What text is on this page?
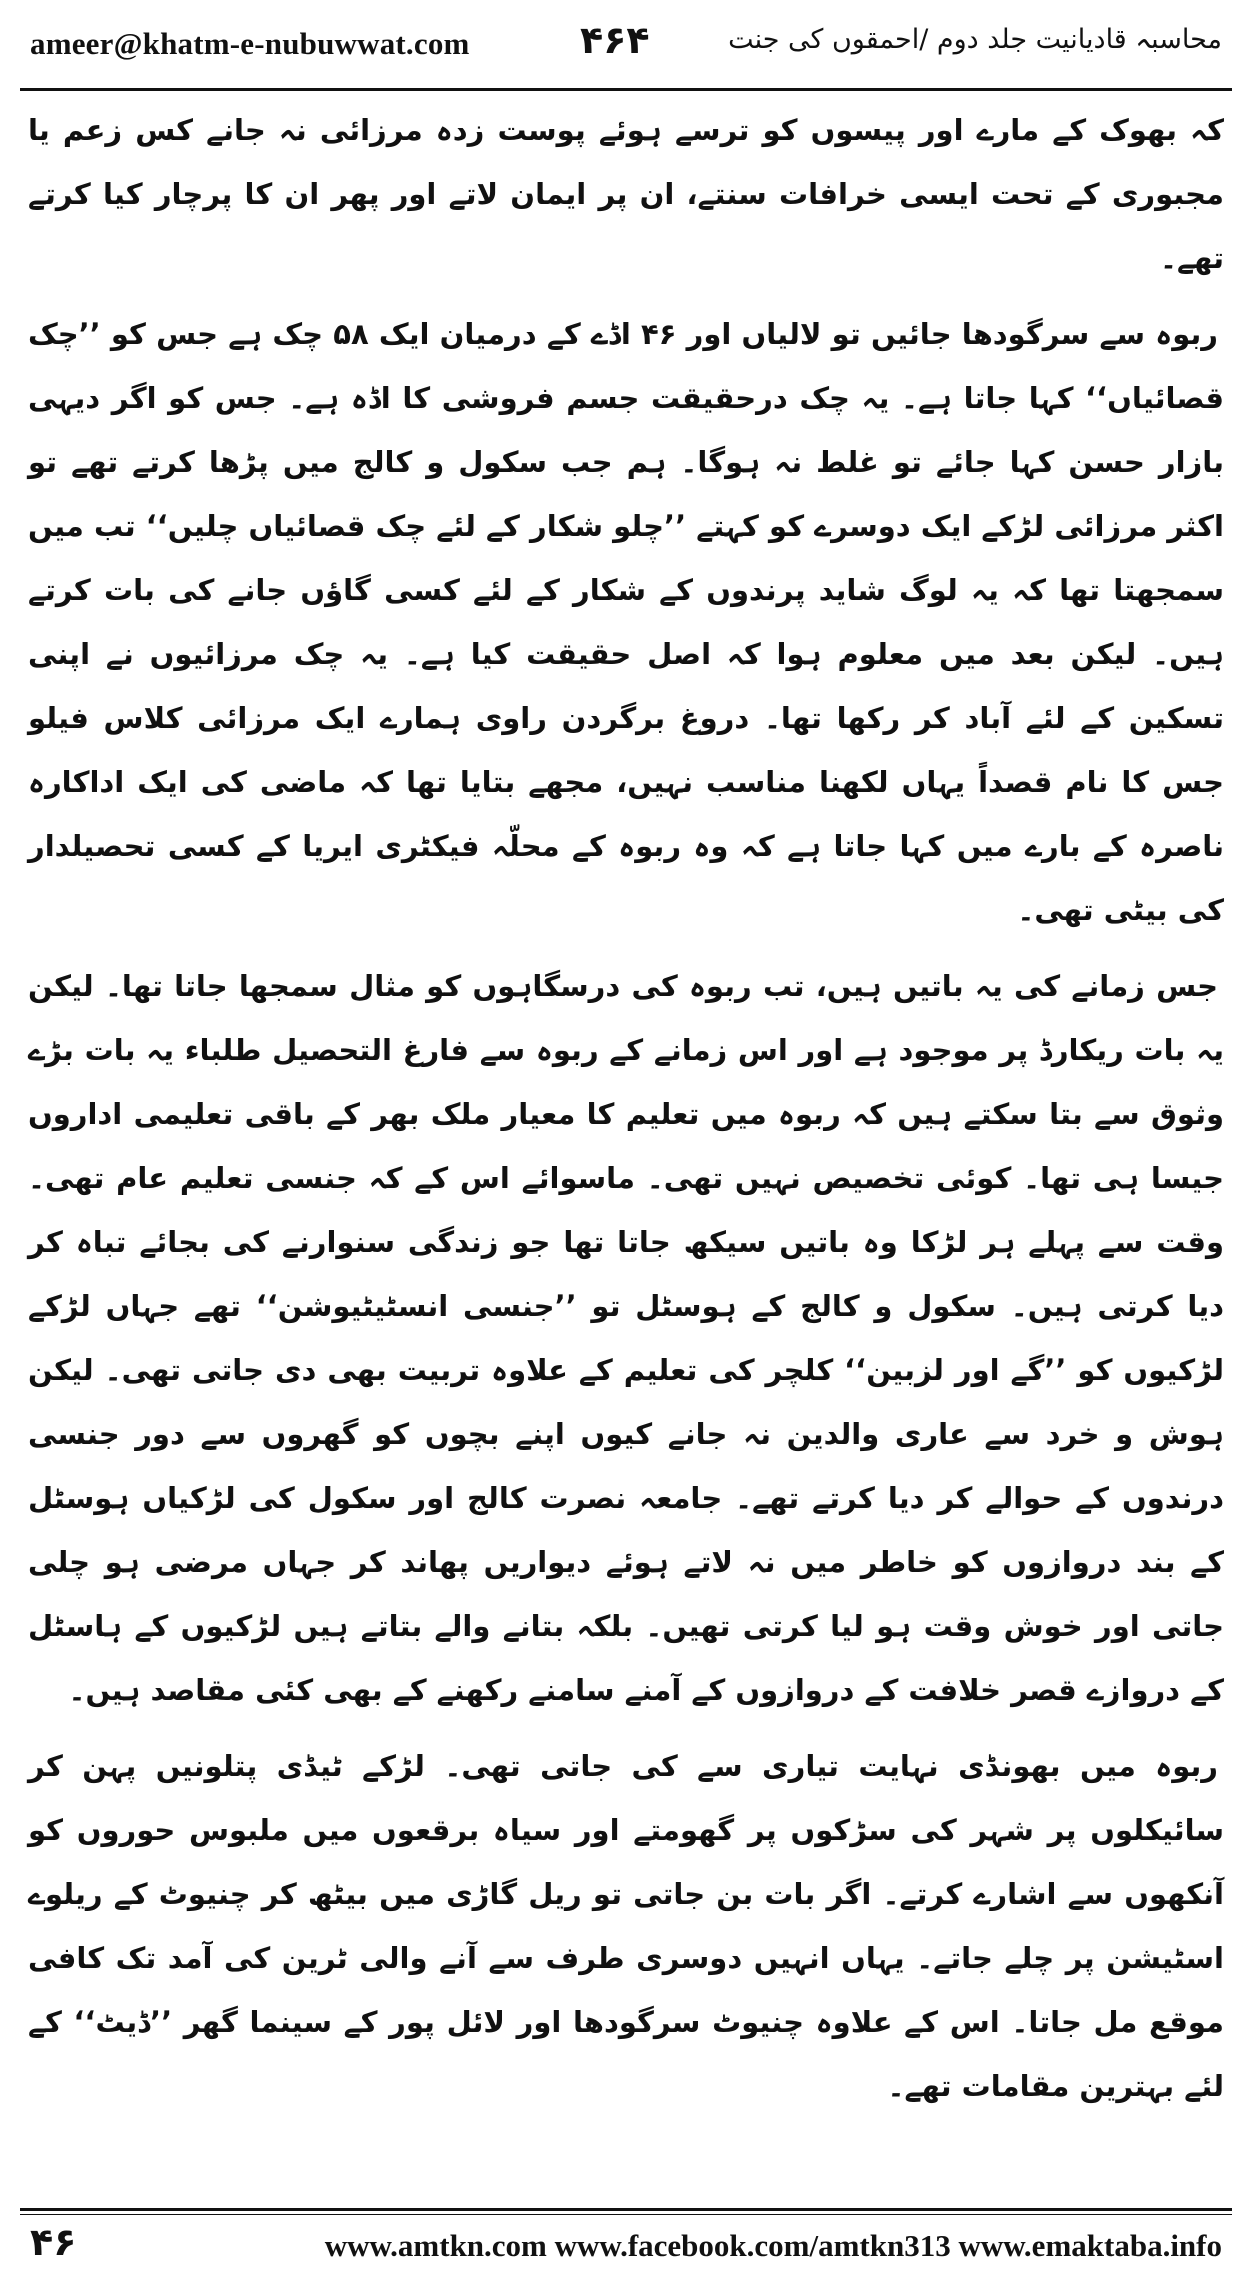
ameer@khatm-e-nubuwwat.com	۴۶۴	محاسبہ قادیانیت جلد دوم /احمقوں کی جنت

کہ بھوک کے مارے اور پیسوں کو ترسے ہوئے پوست زدہ مرزائی نہ جانے کس زعم یا مجبوری کے تحت ایسی خرافات سنتے، ان پر ایمان لاتے اور پھر ان کا پرچار کیا کرتے تھے۔

ربوہ سے سرگودھا جائیں تو لالیاں اور ۴۶ اڈے کے درمیان ایک ۵۸ چک ہے جس کو ’’چک قصائیاں‘‘ کہا جاتا ہے۔ یہ چک درحقیقت جسم فروشی کا اڈہ ہے۔ جس کو اگر دیہی بازار حسن کہا جائے تو غلط نہ ہوگا۔ ہم جب سکول و کالج میں پڑھا کرتے تھے تو اکثر مرزائی لڑکے ایک دوسرے کو کہتے ’’چلو شکار کے لئے چک قصائیاں چلیں‘‘ تب میں سمجھتا تھا کہ یہ لوگ شاید پرندوں کے شکار کے لئے کسی گاؤں جانے کی بات کرتے ہیں۔ لیکن بعد میں معلوم ہوا کہ اصل حقیقت کیا ہے۔ یہ چک مرزائیوں نے اپنی تسکین کے لئے آباد کر رکھا تھا۔ دروغ برگردن راوی ہمارے ایک مرزائی کلاس فیلو جس کا نام قصداً یہاں لکھنا مناسب نہیں، مجھے بتایا تھا کہ ماضی کی ایک اداکارہ ناصرہ کے بارے میں کہا جاتا ہے کہ وہ ربوہ کے محلّہ فیکٹری ایریا کے کسی تحصیلدار کی بیٹی تھی۔

جس زمانے کی یہ باتیں ہیں، تب ربوہ کی درسگاہوں کو مثال سمجھا جاتا تھا۔ لیکن یہ بات ریکارڈ پر موجود ہے اور اس زمانے کے ربوہ سے فارغ التحصیل طلباء یہ بات بڑے وثوق سے بتا سکتے ہیں کہ ربوہ میں تعلیم کا معیار ملک بھر کے باقی تعلیمی اداروں جیسا ہی تھا۔ کوئی تخصیص نہیں تھی۔ ماسوائے اس کے کہ جنسی تعلیم عام تھی۔ وقت سے پہلے ہر لڑکا وہ باتیں سیکھ جاتا تھا جو زندگی سنوارنے کی بجائے تباہ کر دیا کرتی ہیں۔ سکول و کالج کے ہوسٹل تو ’’جنسی انسٹیٹیوشن‘‘ تھے جہاں لڑکے لڑکیوں کو ’’گے اور لزبین‘‘ کلچر کی تعلیم کے علاوہ تربیت بھی دی جاتی تھی۔ لیکن ہوش و خرد سے عاری والدین نہ جانے کیوں اپنے بچوں کو گھروں سے دور جنسی درندوں کے حوالے کر دیا کرتے تھے۔ جامعہ نصرت کالج اور سکول کی لڑکیاں ہوسٹل کے بند دروازوں کو خاطر میں نہ لاتے ہوئے دیواریں پھاند کر جہاں مرضی ہو چلی جاتی اور خوش وقت ہو لیا کرتی تھیں۔ بلکہ بتانے والے بتاتے ہیں لڑکیوں کے ہاسٹل کے دروازے قصر خلافت کے دروازوں کے آمنے سامنے رکھنے کے بھی کئی مقاصد ہیں۔

ربوہ میں بھونڈی نہایت تیاری سے کی جاتی تھی۔ لڑکے ٹیڈی پتلونیں پہن کر سائیکلوں پر شہر کی سڑکوں پر گھومتے اور سیاہ برقعوں میں ملبوس حوروں کو آنکھوں سے اشارے کرتے۔ اگر بات بن جاتی تو ریل گاڑی میں بیٹھ کر چنیوٹ کے ریلوے اسٹیشن پر چلے جاتے۔ یہاں انہیں دوسری طرف سے آنے والی ٹرین کی آمد تک کافی موقع مل جاتا۔ اس کے علاوہ چنیوٹ سرگودھا اور لائل پور کے سینما گھر ’’ڈیٹ‘‘ کے لئے بہترین مقامات تھے۔

۴۶	www.amtkn.com www.facebook.com/amtkn313 www.emaktaba.info
